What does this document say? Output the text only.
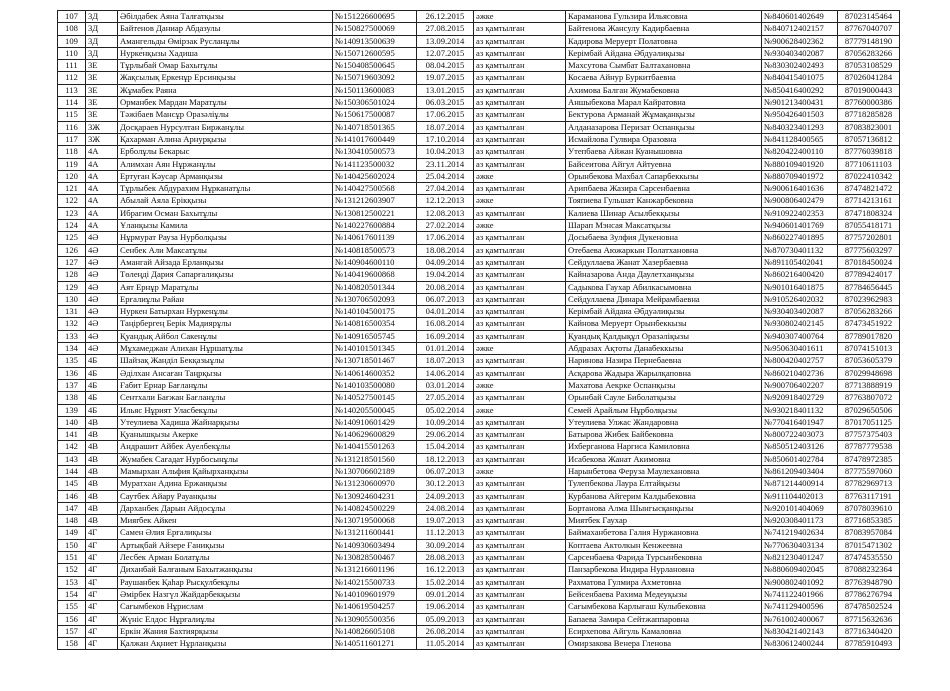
107	3Д	Әбілдабек Аяна Талғатқызы	№151226600695	26.12.2015	әжке	Караманова Гульзира Ильясовна	№840601402649	87023145464
108	3Д	Байтенов Даниар Абдазулы	№150827500069	27.08.2015	аз қамтылған	Байтенова Жансулу Кадирбаевна	№840712402157	87767040707
109	3Д	Амангельды Өмірзак Русланұлы	№140913500639	13.09.2014	аз қамтылған	Кадирова Меруерт Полатовна	№900628402362	87779148190
110	3Д	Нурке́нқызы Хадиша	№150712600595	12.07.2015	аз қамтылған	Керімбай Айдана Әбдуәлиқызы	№930403402087	87056283266
111	3Е	Тұрлыбай Омар Бахытұлы	№150408500645	08.04.2015	аз қамтылған	Махсутова Сымбат Балтахановна	№830302402493	87053108529
112	3Е	Жақсылық Еркенұр Ерсинқызы	№150719603092	19.07.2015	аз қамтылған	Косаева Айнур Буркитбаевна	№840415401075	87026041284
113	3Е	Жұмабек Раяна	№150113600083	13.01.2015	аз қамтылған	Ахимова Балган Жумабековна	№850416400292	87019000443
114	3Е	Орманбек Мардан Маратұлы	№150306501024	06.03.2015	аз қамтылған	Аншыбекова Марал Кайратовна	№901213400431	87760000386
115	3Е	Тәжібаев Мансұр Оразәліұлы	№150617500087	17.06.2015	аз қамтылған	Бектурова Арманай Жұмақанқызы	№950426401503	87718285828
116	3Ж	Досқараев Нурсултан Биржанұлы	№140718501365	18.07.2014	аз қамтылған	Алданазарова Перизат Оспанқызы	№840323401293	87083823001
117	3Ж	Қахарман Алина Арнурқызы	№141017600449	17.10.2014	аз қамтылған	Исмайлова Гулвира Оразовна	№841128400565	87057136812
118	4А	Ерболұлы Бекарыс	№130410500573	10.04.2013	аз қамтылған	Утепбаева Айжан Куанышовна	№820422400110	87776039818
119	4А	Алимхан Аян Нұржанұлы	№141123500032	23.11.2014	аз қамтылған	Байсеитова Айгул Айтуевна	№880109401920	87710611103
120	4А	Ертуған Кәусар Арманқызы	№140425602024	25.04.2014	әжке	Орынбекова Махбал Сапарбеккызы	№880709401972	87022410342
121	4А	Тұрлыбек Абдурахим Нұрканатұлы	№140427500568	27.04.2014	аз қамтылған	Арипбаева Жазира Сарсенбаевна	№900616401636	87474821472
122	4А	Абылай Аяла Ерікқызы	№131212603907	12.12.2013	әжке	Тояпиева Гульшат Канжарбековна	№900806402479	87714213161
123	4А	Ибрагим Осман Бахытұлы	№130812500221	12.08.2013	аз қамтылған	Калиева Шинар Асылбекқызы	№910922402353	87471808324
124	4А	Ұланқызы Камила	№140227600884	27.02.2014	әжке	Шарап Мэнсая Максатқызы	№940601401769	87055418171
125	4Ә	Нұрмурат Рауза Нурболқызы	№140617601139	17.06.2014	аз қамтылған	Досыбаева Зулфия Дукеновна	№860227401895	87757202801
126	4Ә	Сенбек Али Максатұлы	№140818500573	18.08.2014	аз қамтылған	Отебаева Аюжаркын Полатхановна	№870730401132	87775603297
127	4Ә	Амангай Айзада Ерланқызы	№140904600110	04.09.2014	аз қамтылған	Сейдуллаева Жанат Хазербаевна	№891105402041	87018450024
128	4Ә	Төлеңді Дария Сапарғалиқызы	№140419600868	19.04.2014	аз қамтылған	Кайназарова Анда Даулетханқызы	№860216400420	87789424017
129	4Ә	Аят Ернұр Маратұлы	№140820501344	20.08.2014	аз қамтылған	Садыкова Гаухар Абилкасымовна	№901016401875	87784656445
130	4Ә	Ерғалиұлы Райан	№130706502093	06.07.2013	аз қамтылған	Сейдуллаева Динара Мейрамбаевна	№910526402032	87023962983
131	4Ә	Нуркен Батырхан Нуркенұлы	№140104500175	04.01.2014	аз қамтылған	Керімбай Айдана Әбдуәлиқызы	№930403402087	87056283266
132	4Ә	Таңірбергең Берік Мадиярұлы	№140816500354	16.08.2014	аз қамтылған	Кайнова Меруерт Орынбеккызы	№930802402145	87473451922
133	4Ә	Қуандық Айбол Сакенұлы	№140916505745	16.09.2014	аз қамтылған	Қуандық Қалдықұл Оразәліқызы	№940307400764	87789017820
134	4Ә	Мұхамеджан Алихан Нұршатұлы	№140101501345	01.01.2014	әжке	Абдразах Ақтоты Данабеккызы	№950630401611	87074151013
135	4Б	Шайзақ Жанділ Бекқазыұлы	№130718501467	18.07.2013	аз қамтылған	Наринова Назира Пернебаевна	№800420402757	87053605379
136	4Б	Әділхан Ансаған Таңрқызы	№140614600352	14.06.2014	аз қамтылған	Асқарова Жадыра Жарылқаповна	№860210402736	87029948698
137	4Б	Ғабит Ернар Бағланұлы	№140103500080	03.01.2014	әжке	Махатова Аекрке Оспанқызы	№900706402207	87713888919
138	4Б	Сентхали Бағжан Бағланұлы	№140527500145	27.05.2014	аз қамтылған	Орынбай Сауле Биболатқызы	№920918402729	87763807072
139	4Б	Ильяс Нұрият Уласбекұлы	№140205500045	05.02.2014	әжке	Семей Арайлым Нұрболқызы	№930218401132	87029650506
140	4В	Утеулиева Хадиша Жайнарқызы	№140910601429	10.09.2014	аз қамтылған	Утеулиева Улжас Жандаровна	№770416401947	87017051125
141	4В	Қуанышқызы Акерке	№140629600829	29.06.2014	аз қамтылған	Батырова Жибек Байбековна	№800722403073	87757375403
142	4В	Андрашит Айбек Ауелбекұлы	№140415501263	15.04.2014	аз қамтылған	Ихберганова Наргиса Камиловна	№850512403126	87787779538
143	4В	Жумабек Сағадат Нурбосынұлы	№131218501560	18.12.2013	аз қамтылған	Исабекова Жанат Акимовна	№850601402784	87478972385
144	4В	Мамырхан Альфия Қайырханқызы	№130706602189	06.07.2013	әжке	Нарынбетова Феруза Маулехановна	№861209403404	87775597060
145	4В	Муратхан Адина Ержанқызы	№131230600970	30.12.2013	аз қамтылған	Тулепбекова Лаура Елтайқызы	№871214400914	87782969713
146	4В	Саутбек Айару Рауанқызы	№130924604231	24.09.2013	аз қамтылған	Курбанова Айгерим Калдыбековна	№911104402013	87763117191
147	4В	Дарханбек Дарын Айдосұлы	№140824500229	24.08.2014	аз қамтылған	Бортанова Алма Шынгысқанқызы	№920101404069	87078039610
148	4В	Мияrбек Айкен	№130719500068	19.07.2013	аз қамтылған	Миятбек Гаухар	№920308401173	87716853385
149	4Г	Самен Әлия Ерғалиқызы	№131211600441	11.12.2013	аз қамтылған	Баймаханбетова Галия Нуржановна	№741219402634	87083957084
150	4Г	Артықбай Айзере Ғаниқызы	№140930603494	30.09.2014	аз қамтылған	Коптаева Актолкын Кенжеевна	№770630403134	87015471302
151	4Г	Лесбек Арман Болатұлы	№130828500467	28.08.2013	аз қамтылған	Сарсенбаева Фарида Турсынбековна	№821230401247	87474535550
152	4Г	Диханбай Балғаным Бахытжанқызы	№131216601196	16.12.2013	аз қамтылған	Панзарбекова Индира Нурлановна	№880609402045	87088232364
153	4Г	Раушанбек Қаһар Рысқулбекұлы	№140215500733	15.02.2014	аз қамтылған	Рахматова Гулмира Ахметовна	№900802401092	87763948790
154	4Г	Әмірбек Назгүл Жайдарбекқызы	№140109601979	09.01.2014	аз қамтылған	Бейсенбаева Рахима Медеуқызы	№741122401966	87786276794
155	4Г	Сағымбеков Нұрислам	№140619504257	19.06.2014	аз қамтылған	Сағымбекова Карлығаш Кулыбековна	№741129400596	87478502524
156	4Г	Жүніс Елдос Нұрғалиұлы	№130905500356	05.09.2013	аз қамтылған	Бапаева Замира Сейтжаппаровна	№761002400067	87715632636
157	4Г	Еркін Жания Бахтиярқызы	№140826605108	26.08.2014	аз қамтылған	Есирхепова Айгуль Камаловна	№830421402143	87716340420
158	4Г	Қалжан Ақниет Нұрланқызы	№140511601271	11.05.2014	аз қамтылған	Омирзакова Венера Гленова	№830612400244	87785910493
